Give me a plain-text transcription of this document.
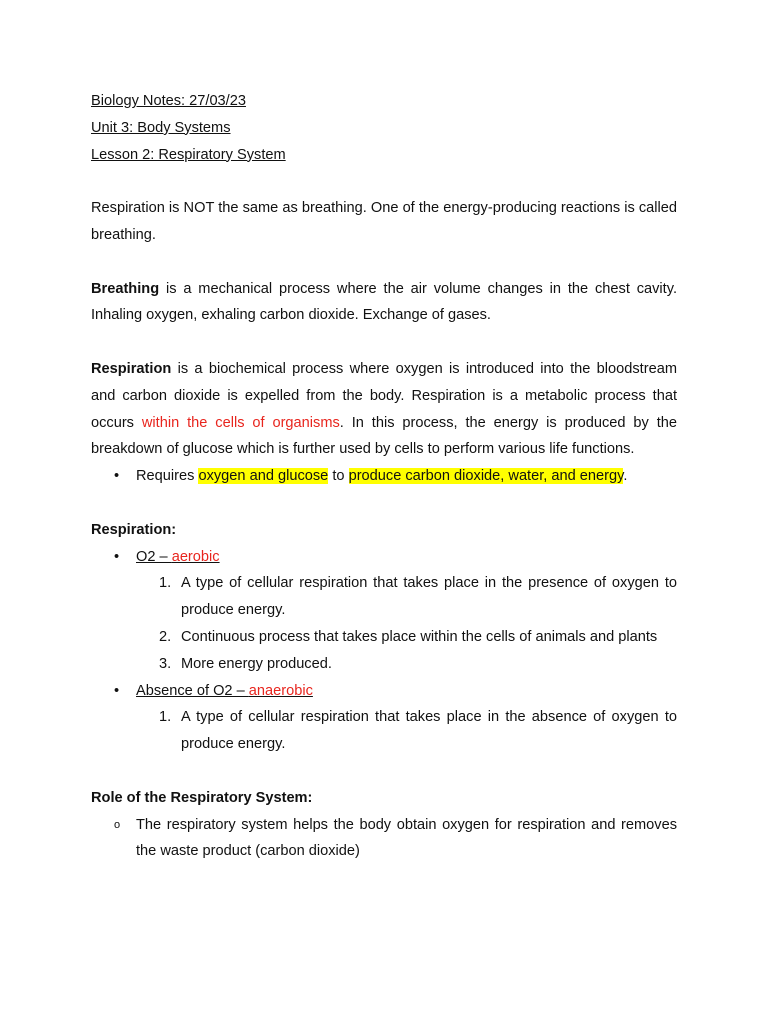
Biology Notes: 27/03/23
Unit 3: Body Systems
Lesson 2: Respiratory System
Respiration is NOT the same as breathing. One of the energy-producing reactions is called breathing.
Breathing is a mechanical process where the air volume changes in the chest cavity. Inhaling oxygen, exhaling carbon dioxide. Exchange of gases.
Respiration is a biochemical process where oxygen is introduced into the bloodstream and carbon dioxide is expelled from the body. Respiration is a metabolic process that occurs within the cells of organisms. In this process, the energy is produced by the breakdown of glucose which is further used by cells to perform various life functions.
• Requires oxygen and glucose to produce carbon dioxide, water, and energy.
Respiration:
• O2 – aerobic
1. A type of cellular respiration that takes place in the presence of oxygen to produce energy.
2. Continuous process that takes place within the cells of animals and plants
3. More energy produced.
• Absence of O2 – anaerobic
1. A type of cellular respiration that takes place in the absence of oxygen to produce energy.
Role of the Respiratory System:
o The respiratory system helps the body obtain oxygen for respiration and removes the waste product (carbon dioxide)
